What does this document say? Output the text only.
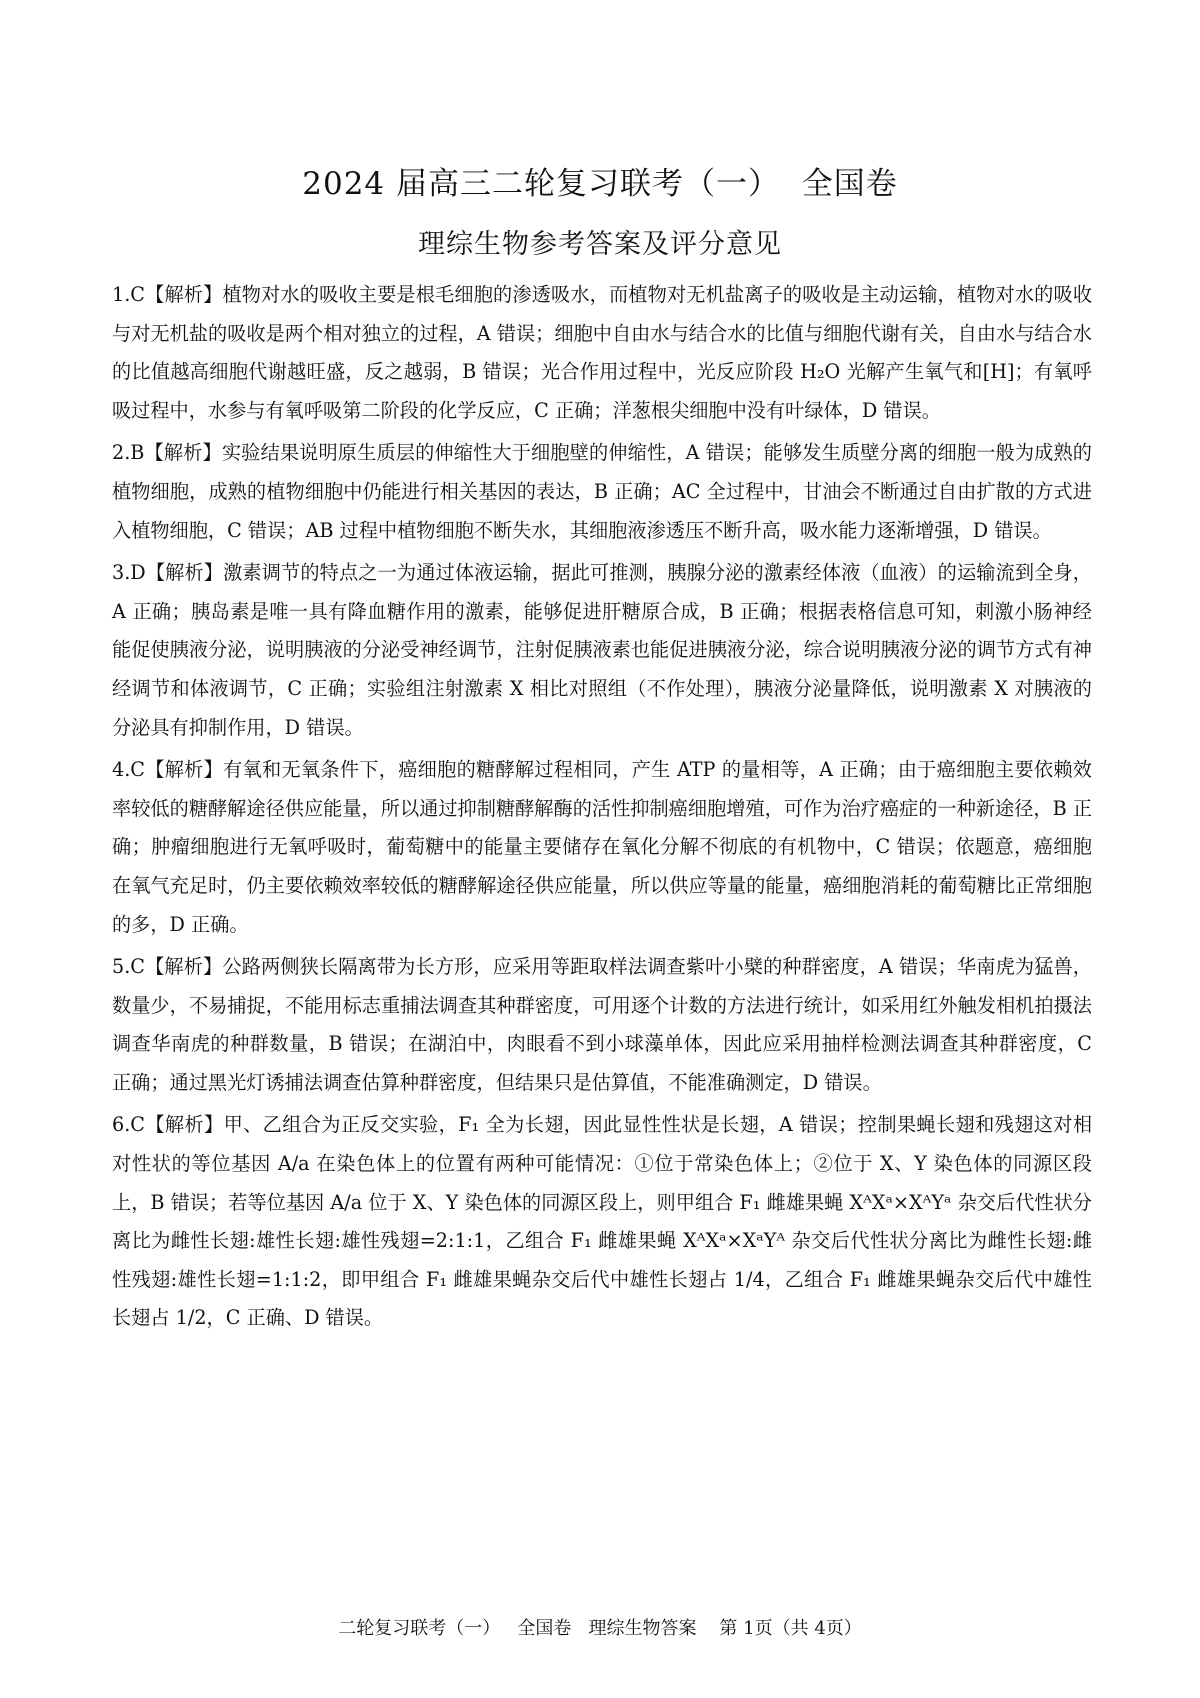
2024 届高三二轮复习联考（一）  全国卷
理综生物参考答案及评分意见

1.C【解析】植物对水的吸收主要是根毛细胞的渗透吸水，而植物对无机盐离子的吸收是主动运输，植物对水的吸收与对无机盐的吸收是两个相对独立的过程，A 错误；细胞中自由水与结合水的比值与细胞代谢有关，自由水与结合水的比值越高细胞代谢越旺盛，反之越弱，B 错误；光合作用过程中，光反应阶段 H₂O 光解产生氧气和[H]；有氧呼吸过程中，水参与有氧呼吸第二阶段的化学反应，C 正确；洋葱根尖细胞中没有叶绿体，D 错误。

2.B【解析】实验结果说明原生质层的伸缩性大于细胞壁的伸缩性，A 错误；能够发生质壁分离的细胞一般为成熟的植物细胞，成熟的植物细胞中仍能进行相关基因的表达，B 正确；AC 全过程中，甘油会不断通过自由扩散的方式进入植物细胞，C 错误；AB 过程中植物细胞不断失水，其细胞液渗透压不断升高，吸水能力逐渐增强，D 错误。

3.D【解析】激素调节的特点之一为通过体液运输，据此可推测，胰腺分泌的激素经体液（血液）的运输流到全身，A 正确；胰岛素是唯一具有降血糖作用的激素，能够促进肝糖原合成，B 正确；根据表格信息可知，刺激小肠神经能促使胰液分泌，说明胰液的分泌受神经调节，注射促胰液素也能促进胰液分泌，综合说明胰液分泌的调节方式有神经调节和体液调节，C 正确；实验组注射激素 X 相比对照组（不作处理），胰液分泌量降低，说明激素 X 对胰液的分泌具有抑制作用，D 错误。

4.C【解析】有氧和无氧条件下，癌细胞的糖酵解过程相同，产生 ATP 的量相等，A 正确；由于癌细胞主要依赖效率较低的糖酵解途径供应能量，所以通过抑制糖酵解酶的活性抑制癌细胞增殖，可作为治疗癌症的一种新途径，B 正确；肿瘤细胞进行无氧呼吸时，葡萄糖中的能量主要储存在氧化分解不彻底的有机物中，C 错误；依题意，癌细胞在氧气充足时，仍主要依赖效率较低的糖酵解途径供应能量，所以供应等量的能量，癌细胞消耗的葡萄糖比正常细胞的多，D 正确。

5.C【解析】公路两侧狭长隔离带为长方形，应采用等距取样法调查紫叶小檗的种群密度，A 错误；华南虎为猛兽，数量少，不易捕捉，不能用标志重捕法调查其种群密度，可用逐个计数的方法进行统计，如采用红外触发相机拍摄法调查华南虎的种群数量，B 错误；在湖泊中，肉眼看不到小球藻单体，因此应采用抽样检测法调查其种群密度，C 正确；通过黑光灯诱捕法调查估算种群密度，但结果只是估算值，不能准确测定，D 错误。

6.C【解析】甲、乙组合为正反交实验，F₁ 全为长翅，因此显性性状是长翅，A 错误；控制果蝇长翅和残翅这对相对性状的等位基因 A/a 在染色体上的位置有两种可能情况：①位于常染色体上；②位于 X、Y 染色体的同源区段上，B 错误；若等位基因 A/a 位于 X、Y 染色体的同源区段上，则甲组合 F₁ 雌雄果蝇 XᴬXᵃ×XᴬYᵃ 杂交后代性状分离比为雌性长翅:雄性长翅:雄性残翅=2:1:1，乙组合 F₁ 雌雄果蝇 XᴬXᵃ×XᵃYᴬ 杂交后代性状分离比为雌性长翅:雌性残翅:雄性长翅=1:1:2，即甲组合 F₁ 雌雄果蝇杂交后代中雄性长翅占 1/4，乙组合 F₁ 雌雄果蝇杂交后代中雄性长翅占 1/2，C 正确、D 错误。

二轮复习联考（一）   全国卷   理综生物答案    第 1页（共 4页）
